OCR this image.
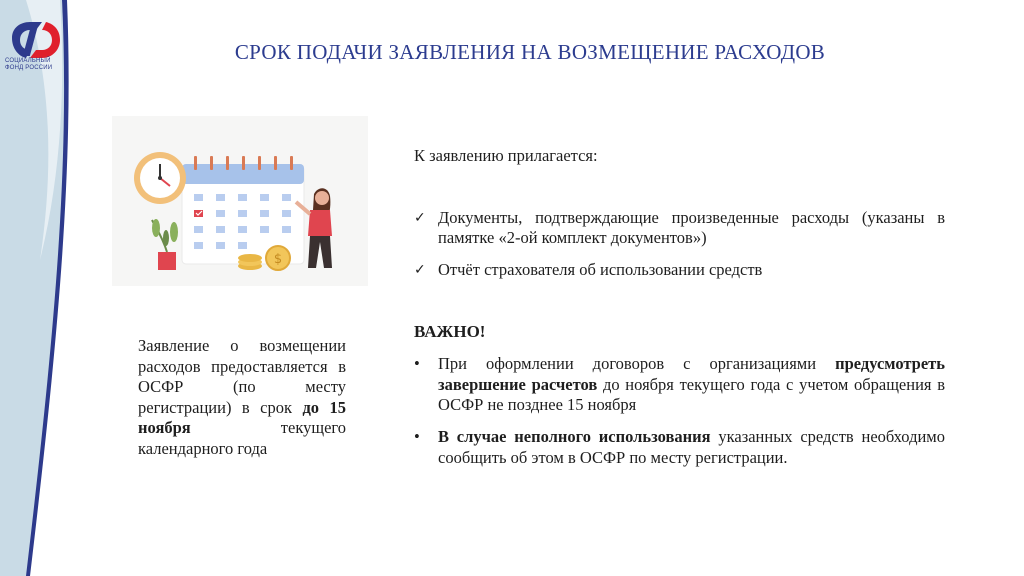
СОЦИАЛЬНЫЙ
ФОНД РОССИИ
СРОК ПОДАЧИ ЗАЯВЛЕНИЯ НА ВОЗМЕЩЕНИЕ РАСХОДОВ
$
Заявление о возмещении расходов предоставляется в ОСФР (по месту регистрации) в срок до 15 ноября текущего календарного года
К заявлению прилагается:
✓ Документы, подтверждающие произведенные расходы (указаны в памятке «2-ой комплект документов»)
✓ Отчёт страхователя об использовании средств
ВАЖНО!
•	При оформлении договоров с организациями предусмотреть завершение расчетов до ноября текущего года с учетом обращения в ОСФР не позднее 15 ноября
•	В случае неполного использования указанных средств необходимо сообщить об этом в ОСФР по месту регистрации.
